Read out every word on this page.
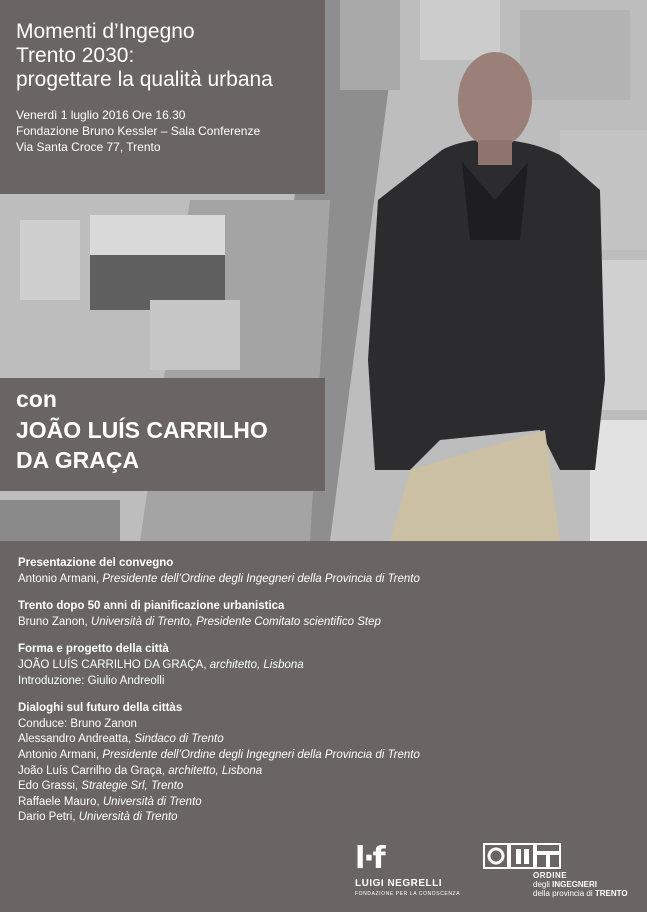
Momenti d’Ingegno
Trento 2030:
progettare la qualità urbana
Venerdì 1 luglio 2016 Ore 16.30
Fondazione Bruno Kessler – Sala Conferenze
Via Santa Croce 77, Trento
con
JOÃO LUÍS CARRILHO
DA GRAÇA
Presentazione del convegno
Antonio Armani, Presidente dell’Ordine degli Ingegneri della Provincia di Trento
Trento dopo 50 anni di pianificazione urbanistica
Bruno Zanon, Università di Trento, Presidente Comitato scientifico Step
Forma e progetto della città
JOÃO LUÍS CARRILHO DA GRAÇA, architetto, Lisbona
Introduzione: Giulio Andreolli
Dialoghi sul futuro della cittàs
Conduce: Bruno Zanon
Alessandro Andreatta, Sindaco di Trento
Antonio Armani, Presidente dell’Ordine degli Ingegneri della Provincia di Trento
João Luís Carrilho da Graça, architetto, Lisbona
Edo Grassi, Strategie Srl, Trento
Raffaele Mauro, Università di Trento
Dario Petri, Università di Trento
l·f
LUIGI NEGRELLI
FONDAZIONE PER LA CONOSCENZA
ORDINE
degli INGEGNERI
della provincia di TRENTO
